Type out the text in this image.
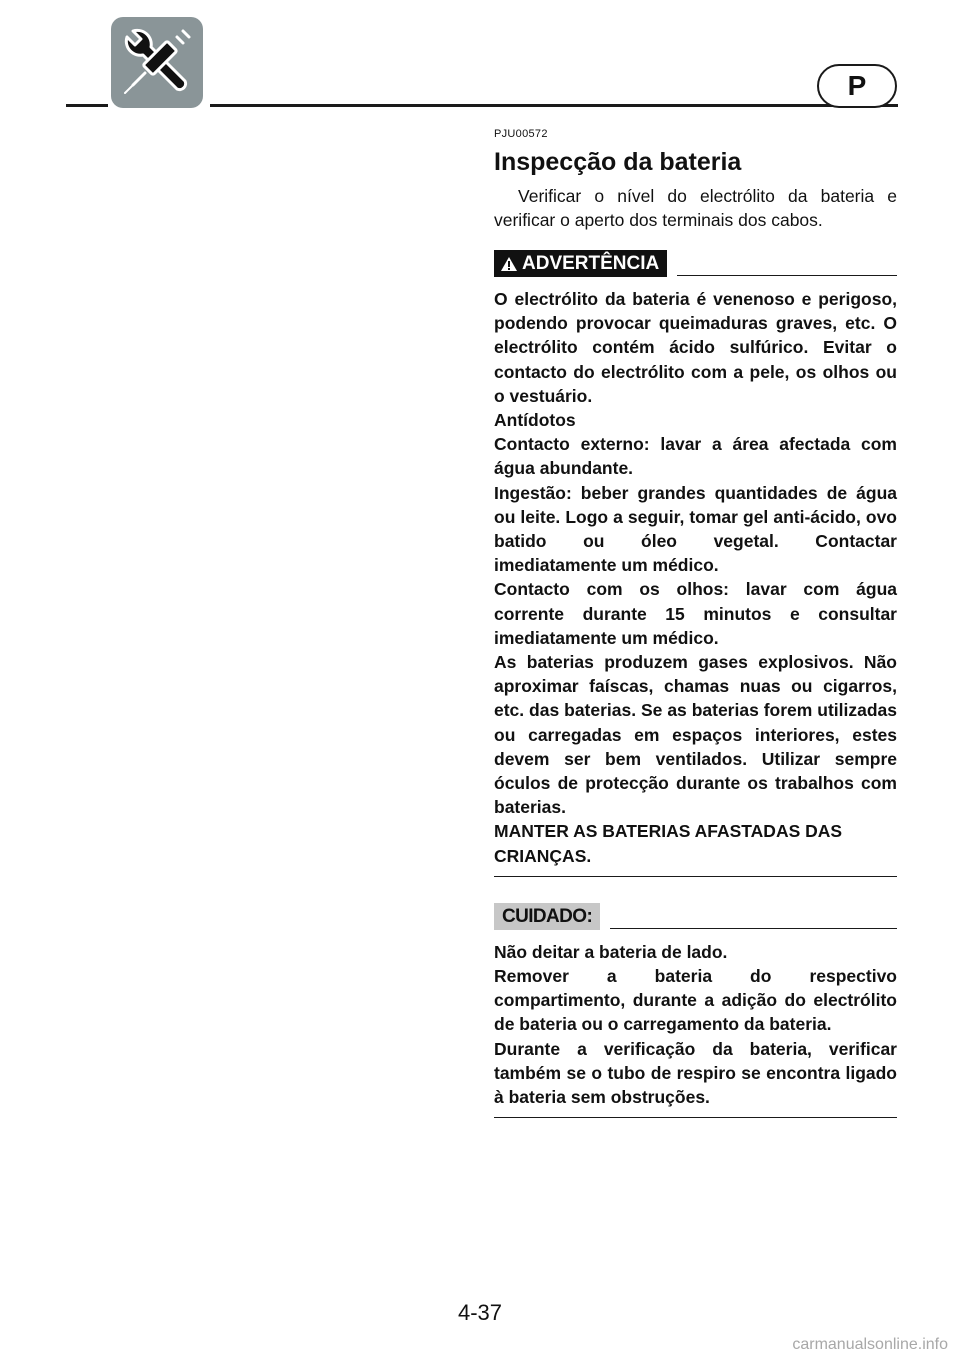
P
PJU00572
Inspecção da bateria
Verificar o nível do electrólito da bateria e verificar o aperto dos terminais dos cabos.
ADVERTÊNCIA

O electrólito da bateria é venenoso e perigoso, podendo provocar queimaduras graves, etc. O electrólito contém ácido sulfúrico. Evitar o contacto do electrólito com a pele, os olhos ou o vestuário.

Antídotos

Contacto externo: lavar a área afectada com água abundante.

Ingestão: beber grandes quantidades de água ou leite. Logo a seguir, tomar gel anti-ácido, ovo batido ou óleo vegetal. Contactar imediatamente um médico.

Contacto com os olhos: lavar com água corrente durante 15 minutos e consultar imediatamente um médico.

As baterias produzem gases explosivos. Não aproximar faíscas, chamas nuas ou cigarros, etc. das baterias. Se as baterias forem utilizadas ou carregadas em espaços interiores, estes devem ser bem ventilados. Utilizar sempre óculos de protecção durante os trabalhos com baterias.

MANTER AS BATERIAS AFASTADAS DAS CRIANÇAS.

CUIDADO:

Não deitar a bateria de lado.

Remover a bateria do respectivo compartimento, durante a adição do electrólito de bateria ou o carregamento da bateria.

Durante a verificação da bateria, verificar também se o tubo de respiro se encontra ligado à bateria sem obstruções.

4-37
carmanualsonline.info
